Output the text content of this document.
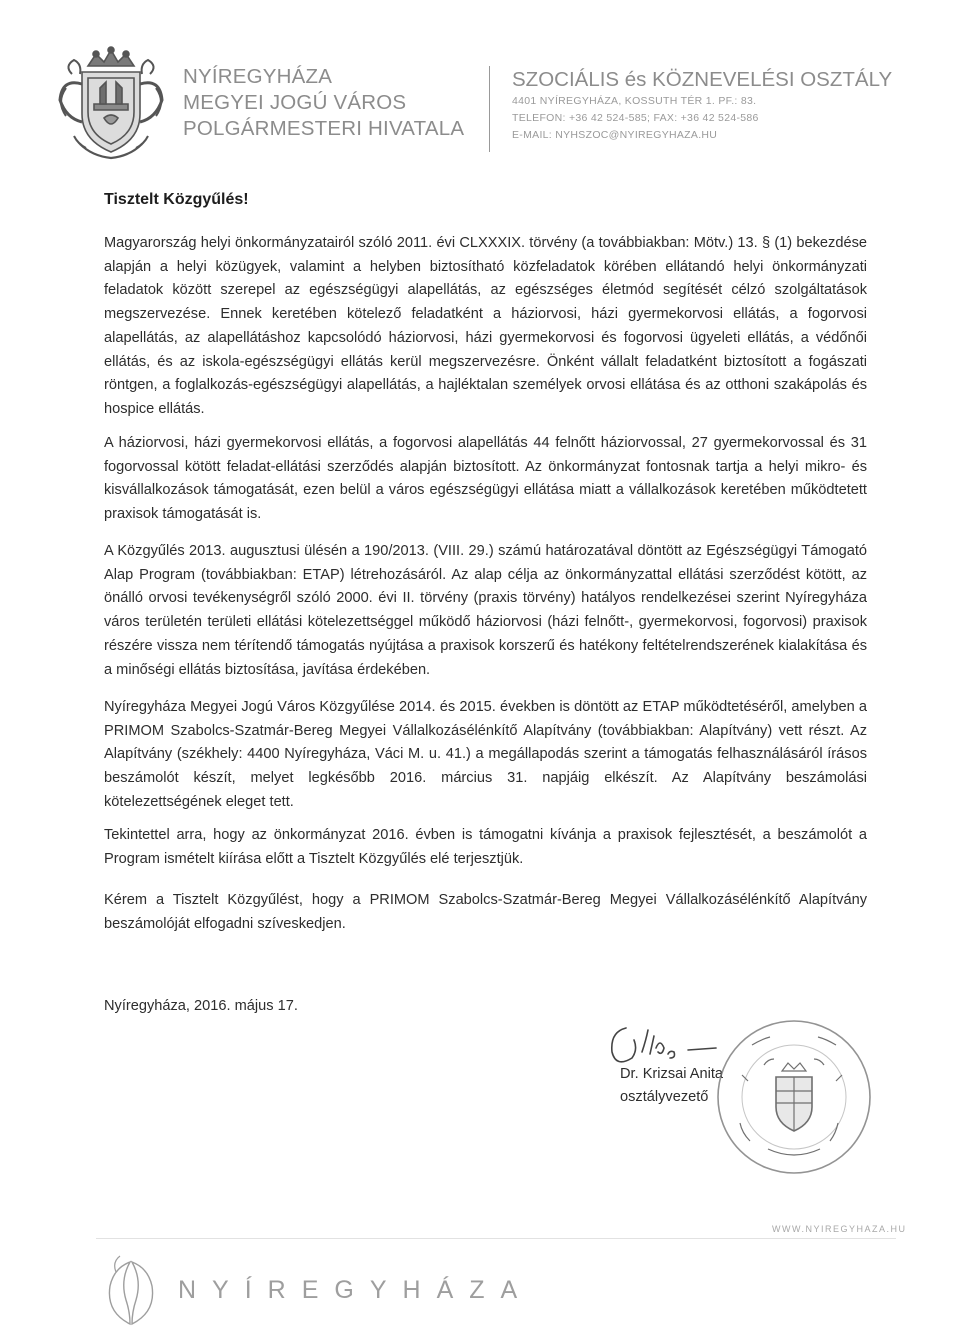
NYÍREGYHÁZA
MEGYEI JOGÚ VÁROS
POLGÁRMESTERI HIVATALA
SZOCIÁLIS és KÖZNEVELÉSI OSZTÁLY
4401 NYÍREGYHÁZA, KOSSUTH TÉR 1. PF.: 83.
TELEFON: +36 42 524-585; FAX: +36 42 524-586
E-MAIL: NYHSZOC@NYIREGYHAZA.HU
Tisztelt Közgyűlés!
Magyarország helyi önkormányzatairól szóló 2011. évi CLXXXIX. törvény (a továbbiakban: Mötv.) 13. § (1) bekezdése alapján a helyi közügyek, valamint a helyben biztosítható közfeladatok körében ellátandó helyi önkormányzati feladatok között szerepel az egészségügyi alapellátás, az egészséges életmód segítését célzó szolgáltatások megszervezése. Ennek keretében kötelező feladatként a háziorvosi, házi gyermekorvosi ellátás, a fogorvosi alapellátás, az alapellátáshoz kapcsolódó háziorvosi, házi gyermekorvosi és fogorvosi ügyeleti ellátás, a védőnői ellátás, és az iskola-egészségügyi ellátás kerül megszervezésre. Önként vállalt feladatként biztosított a fogászati röntgen, a foglalkozás-egészségügyi alapellátás, a hajléktalan személyek orvosi ellátása és az otthoni szakápolás és hospice ellátás.
A háziorvosi, házi gyermekorvosi ellátás, a fogorvosi alapellátás 44 felnőtt háziorvossal, 27 gyermekorvossal és 31 fogorvossal kötött feladat-ellátási szerződés alapján biztosított. Az önkormányzat fontosnak tartja a helyi mikro- és kisvállalkozások támogatását, ezen belül a város egészségügyi ellátása miatt a vállalkozások keretében működtetett praxisok támogatását is.
A Közgyűlés 2013. augusztusi ülésén a 190/2013. (VIII. 29.) számú határozatával döntött az Egészségügyi Támogató Alap Program (továbbiakban: ETAP) létrehozásáról. Az alap célja az önkormányzattal ellátási szerződést kötött, az önálló orvosi tevékenységről szóló 2000. évi II. törvény (praxis törvény) hatályos rendelkezései szerint Nyíregyháza város területén területi ellátási kötelezettséggel működő háziorvosi (házi felnőtt-, gyermekorvosi, fogorvosi) praxisok részére vissza nem térítendő támogatás nyújtása a praxisok korszerű és hatékony feltételrendszerének kialakítása és a minőségi ellátás biztosítása, javítása érdekében.
Nyíregyháza Megyei Jogú Város Közgyűlése 2014. és 2015. években is döntött az ETAP működtetéséről, amelyben a PRIMOM Szabolcs-Szatmár-Bereg Megyei Vállalkozásélénkítő Alapítvány (továbbiakban: Alapítvány) vett részt. Az Alapítvány (székhely: 4400 Nyíregyháza, Váci M. u. 41.) a megállapodás szerint a támogatás felhasználásáról írásos beszámolót készít, melyet legkésőbb 2016. március 31. napjáig elkészít. Az Alapítvány beszámolási kötelezettségének eleget tett.
Tekintettel arra, hogy az önkormányzat 2016. évben is támogatni kívánja a praxisok fejlesztését, a beszámolót a Program ismételt kiírása előtt a Tisztelt Közgyűlés elé terjesztjük.
Kérem a Tisztelt Közgyűlést, hogy a PRIMOM Szabolcs-Szatmár-Bereg Megyei Vállalkozásélénkítő Alapítvány beszámolóját elfogadni szíveskedjen.
Nyíregyháza, 2016. május 17.
Dr. Krizsai Anita
osztályvezető
WWW.NYIREGYHAZA.HU
NYÍREGYHÁZA
